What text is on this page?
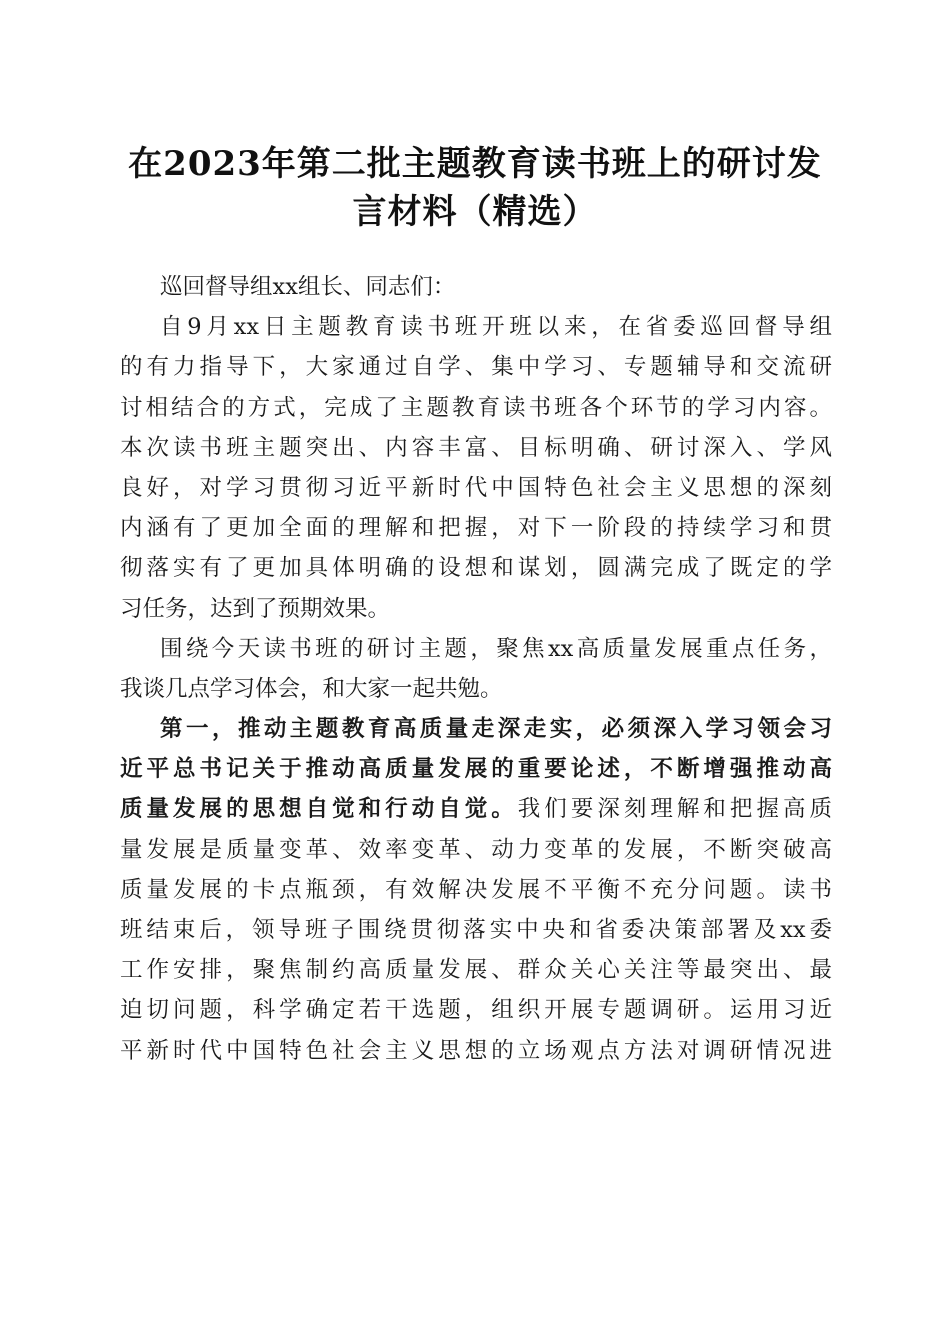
在2023年第二批主题教育读书班上的研讨发
言材料（精选）
巡回督导组xx组长、同志们：
自9月xx日主题教育读书班开班以来，在省委巡回督导组
的有力指导下，大家通过自学、集中学习、专题辅导和交流研
讨相结合的方式，完成了主题教育读书班各个环节的学习内容。
本次读书班主题突出、内容丰富、目标明确、研讨深入、学风
良好，对学习贯彻习近平新时代中国特色社会主义思想的深刻
内涵有了更加全面的理解和把握，对下一阶段的持续学习和贯
彻落实有了更加具体明确的设想和谋划，圆满完成了既定的学
习任务，达到了预期效果。
围绕今天读书班的研讨主题，聚焦xx高质量发展重点任务，
我谈几点学习体会，和大家一起共勉。
第一，推动主题教育高质量走深走实，必须深入学习领会习
近平总书记关于推动高质量发展的重要论述，不断增强推动高
质量发展的思想自觉和行动自觉。我们要深刻理解和把握高质
量发展是质量变革、效率变革、动力变革的发展，不断突破高
质量发展的卡点瓶颈，有效解决发展不平衡不充分问题。读书
班结束后，领导班子围绕贯彻落实中央和省委决策部署及xx委
工作安排，聚焦制约高质量发展、群众关心关注等最突出、最
迫切问题，科学确定若干选题，组织开展专题调研。运用习近
平新时代中国特色社会主义思想的立场观点方法对调研情况进
